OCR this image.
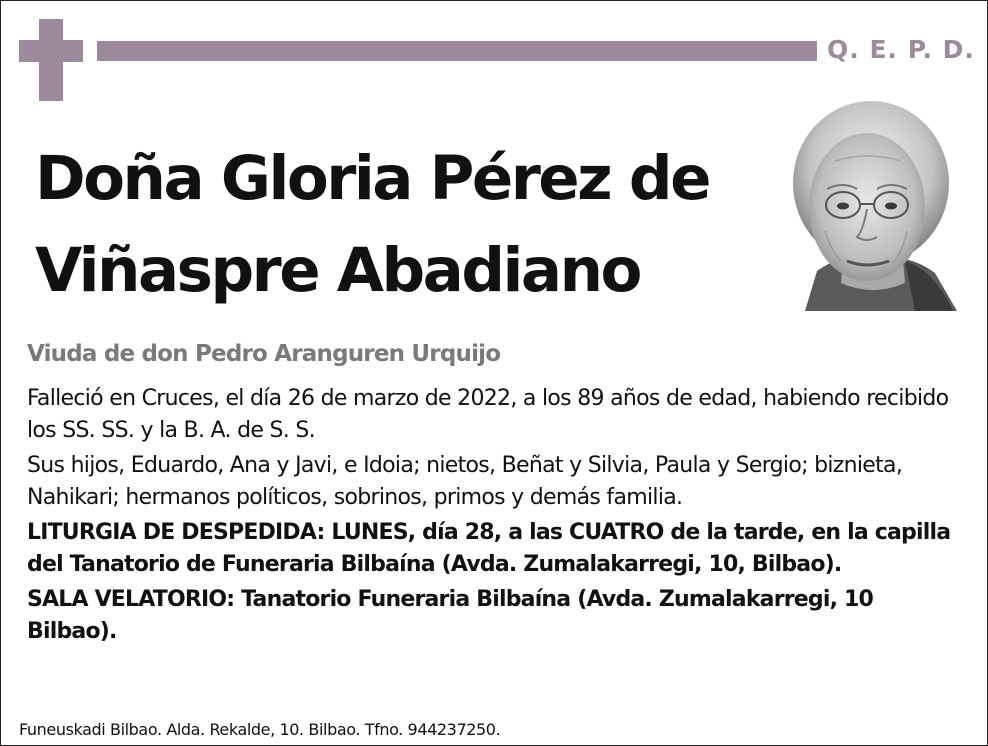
Q. E. P. D.
Doña Gloria Pérez de
Viñaspre Abadiano
Viuda de don Pedro Aranguren Urquijo

Falleció en Cruces, el día 26 de marzo de 2022, a los 89 años de edad, habiendo recibido los SS. SS. y la B. A. de S. S.

Sus hijos, Eduardo, Ana y Javi, e Idoia; nietos, Beñat y Silvia, Paula y Sergio; biznieta, Nahikari; hermanos políticos, sobrinos, primos y demás familia.

LITURGIA DE DESPEDIDA: LUNES, día 28, a las CUATRO de la tarde, en la capilla del Tanatorio de Funeraria Bilbaína (Avda. Zumalakarregi, 10, Bilbao).

SALA VELATORIO: Tanatorio Funeraria Bilbaína (Avda. Zumalakarregi, 10 Bilbao).

Funeuskadi Bilbao. Alda. Rekalde, 10. Bilbao. Tfno. 944237250.
